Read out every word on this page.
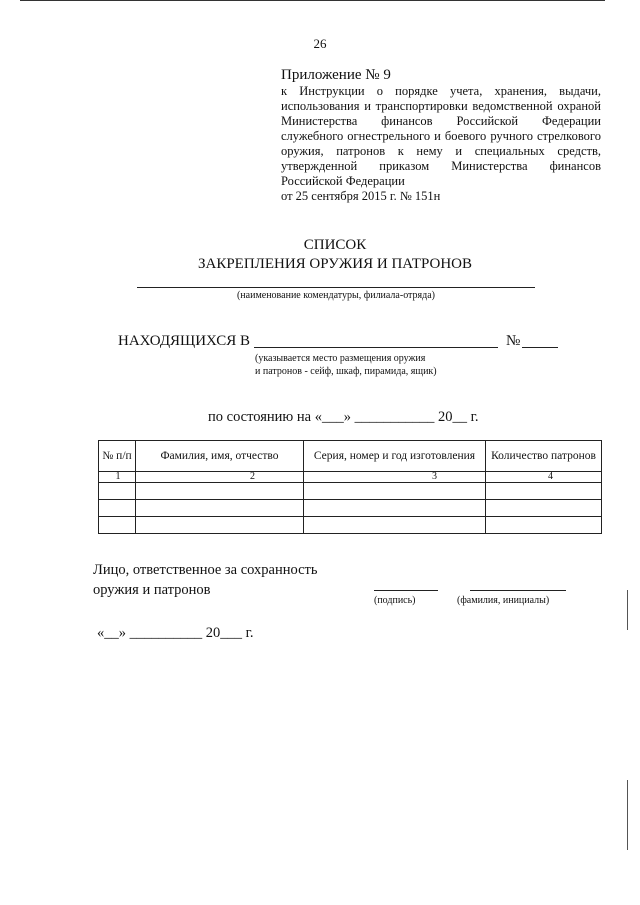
26
Приложение № 9
к Инструкции о порядке учета, хранения, выдачи, использования и транспортировки ведомственной охраной Министерства финансов Российской Федерации служебного огнестрельного и боевого ручного стрелкового оружия, патронов к нему и специальных средств, утвержденной приказом Министерства финансов Российской Федерации
от 25 сентября 2015 г. № 151н
СПИСОК
ЗАКРЕПЛЕНИЯ ОРУЖИЯ И ПАТРОНОВ
(наименование комендатуры, филиала-отряда)
НАХОДЯЩИХСЯ В	№
(указывается место размещения оружия
и патронов - сейф, шкаф, пирамида, ящик)
по состоянию на «___» ___________ 20__ г.
№ п/п	Фамилия, имя, отчество	Серия, номер и год изготовления	Количество патронов
1	2	3	4

Лицо, ответственное за сохранность
оружия и патронов
(подпись)	(фамилия, инициалы)
«__» __________ 20___ г.
